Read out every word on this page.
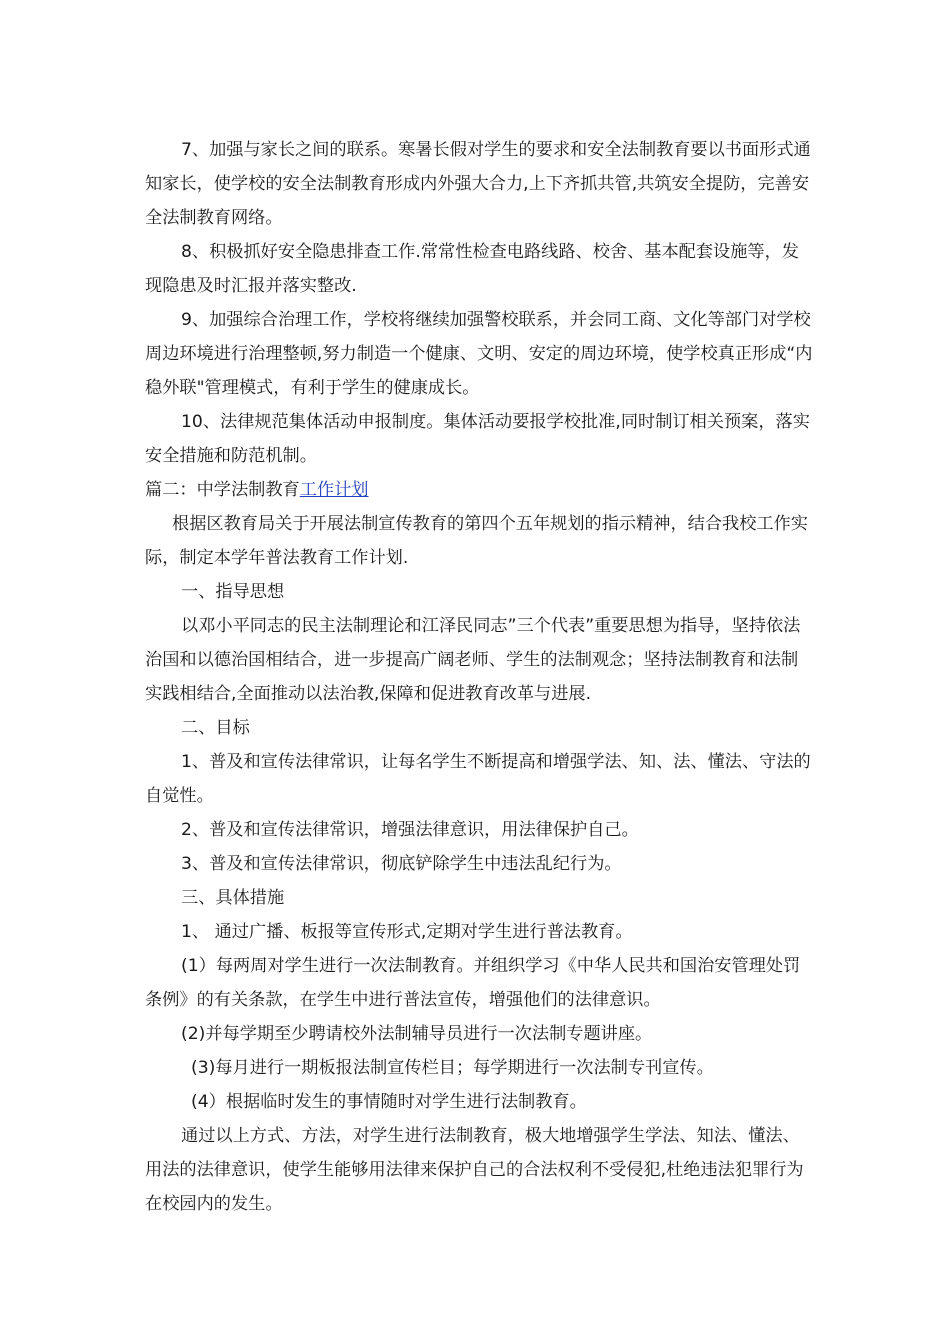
7、加强与家长之间的联系。寒暑长假对学生的要求和安全法制教育要以书面形式通知家长，使学校的安全法制教育形成内外强大合力,上下齐抓共管,共筑安全提防，完善安全法制教育网络。

8、积极抓好安全隐患排查工作.常常性检查电路线路、校舍、基本配套设施等，发现隐患及时汇报并落实整改.

9、加强综合治理工作，学校将继续加强警校联系，并会同工商、文化等部门对学校周边环境进行治理整顿,努力制造一个健康、文明、安定的周边环境，使学校真正形成“内稳外联"管理模式，有利于学生的健康成长。

10、法律规范集体活动申报制度。集体活动要报学校批准,同时制订相关预案，落实安全措施和防范机制。

篇二：中学法制教育工作计划

根据区教育局关于开展法制宣传教育的第四个五年规划的指示精神，结合我校工作实际，制定本学年普法教育工作计划.

一、指导思想

以邓小平同志的民主法制理论和江泽民同志”三个代表”重要思想为指导，坚持依法治国和以德治国相结合，进一步提高广阔老师、学生的法制观念；坚持法制教育和法制实践相结合,全面推动以法治教,保障和促进教育改革与进展.

二、目标

1、普及和宣传法律常识，让每名学生不断提高和增强学法、知、法、懂法、守法的自觉性。

2、普及和宣传法律常识，增强法律意识，用法律保护自己。

3、普及和宣传法律常识，彻底铲除学生中违法乱纪行为。

三、具体措施

1、 通过广播、板报等宣传形式,定期对学生进行普法教育。

(1）每两周对学生进行一次法制教育。并组织学习《中华人民共和国治安管理处罚条例》的有关条款，在学生中进行普法宣传，增强他们的法律意识。

(2)并每学期至少聘请校外法制辅导员进行一次法制专题讲座。

(3)每月进行一期板报法制宣传栏目；每学期进行一次法制专刊宣传。

(4）根据临时发生的事情随时对学生进行法制教育。

通过以上方式、方法，对学生进行法制教育，极大地增强学生学法、知法、懂法、用法的法律意识，使学生能够用法律来保护自己的合法权利不受侵犯,杜绝违法犯罪行为在校园内的发生。
